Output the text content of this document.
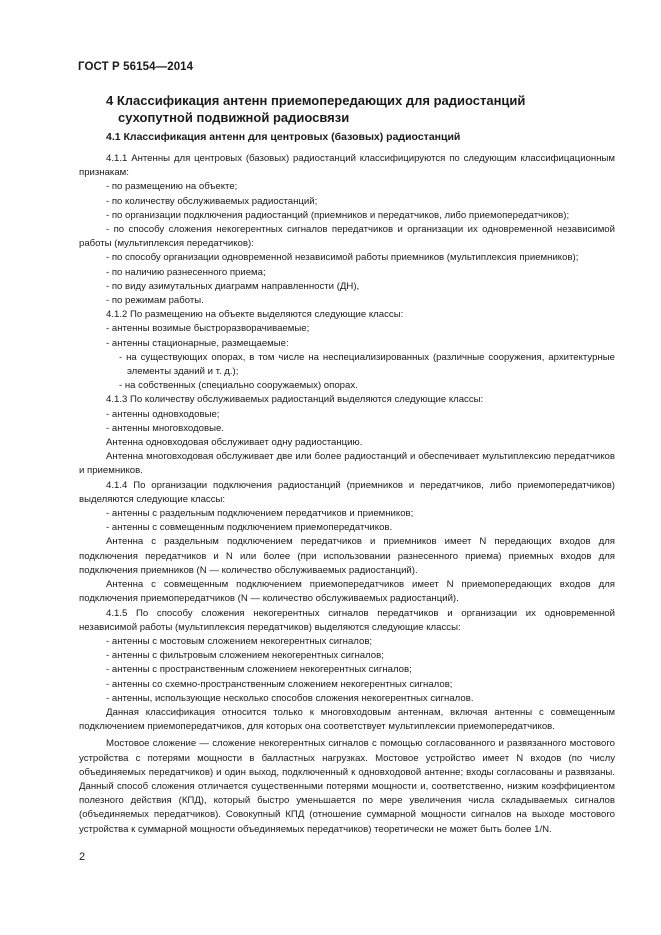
ГОСТ Р 56154—2014
4 Классификация антенн приемопередающих для радиостанций
сухопутной подвижной радиосвязи
4.1 Классификация антенн для центровых (базовых) радиостанций
4.1.1 Антенны для центровых (базовых) радиостанций классифицируются по следующим классифицационным признакам:
- по размещению на объекте;
- по количеству обслуживаемых радиостанций;
- по организации подключения радиостанций (приемников и передатчиков, либо приемопередатчиков);
- по способу сложения некогерентных сигналов передатчиков и организации их одновременной независимой работы (мультиплексия передатчиков):
- по способу организации одновременной независимой работы приемников (мультиплексия приемников);
- по наличию разнесенного приема;
- по виду азимутальных диаграмм направленности (ДН),
- по режимам работы.
4.1.2 По размещению на объекте выделяются следующие классы:
- антенны возимые быстроразворачиваемые;
- антенны стационарные, размещаемые:
- на существующих опорах, в том числе на неспециализированных (различные сооружения, архитектурные элементы зданий и т. д.);
- на собственных (специально сооружаемых) опорах.
4.1.3 По количеству обслуживаемых радиостанций выделяются следующие классы:
- антенны одновходовые;
- антенны многовходовые.
Антенна одновходовая обслуживает одну радиостанцию.
Антенна многовходовая обслуживает две или более радиостанций и обеспечивает мультиплексию передатчиков и приемников.
4.1.4 По организации подключения радиостанций (приемников и передатчиков, либо приемопередатчиков) выделяются следующие классы:
- антенны с раздельным подключением передатчиков и приемников;
- антенны с совмещенным подключением приемопередатчиков.
Антенна с раздельным подключением передатчиков и приемников имеет N передающих входов для подключения передатчиков и N или более (при использовании разнесенного приема) приемных входов для подключения приемников (N — количество обслуживаемых радиостанций).
Антенна с совмещенным подключением приемопередатчиков имеет N приемопередающих входов для подключения приемопередатчиков (N — количество обслуживаемых радиостанций).
4.1.5 По способу сложения некогерентных сигналов передатчиков и организации их одновременной независимой работы (мультиплексия передатчиков) выделяются следующие классы:
- антенны с мостовым сложением некогерентных сигналов;
- антенны с фильтровым сложением некогерентных сигналов;
- антенны с пространственным сложением некогерентных сигналов;
- антенны со схемно-пространственным сложением некогерентных сигналов;
- антенны, использующие несколько способов сложения некогерентных сигналов.
Данная классификация относится только к многовходовым антеннам, включая антенны с совмещенным подключением приемопередатчиков, для которых она соответствует мультиплексии приемопередатчиков.
Мостовое сложение — сложение некогерентных сигналов с помощью согласованного и развязанного мостового устройства с потерями мощности в балластных нагрузках. Мостовое устройство имеет N входов (по числу объединяемых передатчиков) и один выход, подключенный к одновходовой антенне; входы согласованы и развязаны. Данный способ сложения отличается существенными потерями мощности и, соответственно, низким коэффициентом полезного действия (КПД), который быстро уменьшается по мере увеличения числа складываемых сигналов (объединяемых передатчиков). Совокупный КПД (отношение суммарной мощности сигналов на выходе мостового устройства к суммарной мощности объединяемых передатчиков) теоретически не может быть более 1/N.
2
